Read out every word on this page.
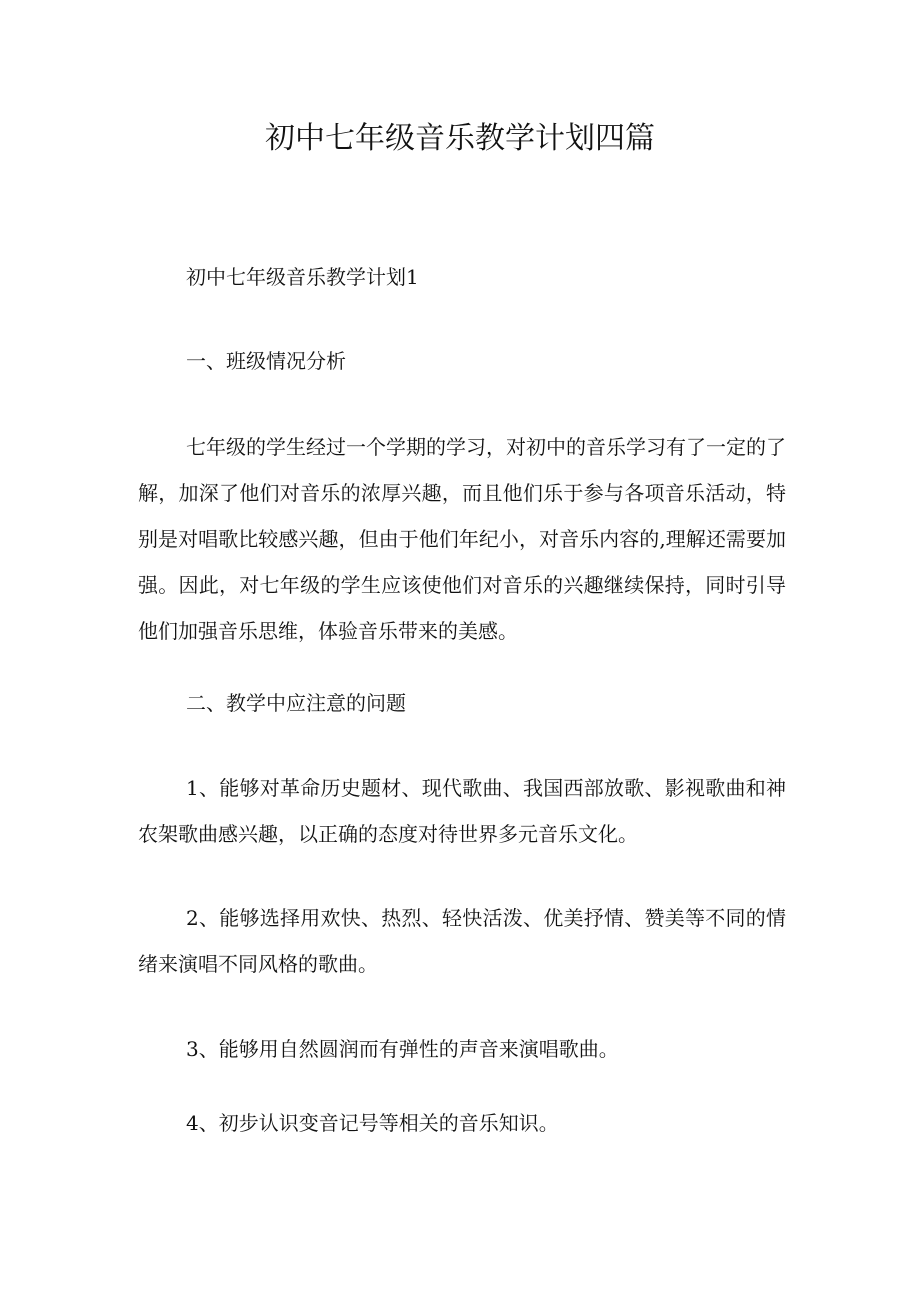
初中七年级音乐教学计划四篇
初中七年级音乐教学计划1
一、班级情况分析
七年级的学生经过一个学期的学习，对初中的音乐学习有了一定的了解，加深了他们对音乐的浓厚兴趣，而且他们乐于参与各项音乐活动，特别是对唱歌比较感兴趣，但由于他们年纪小，对音乐内容的,理解还需要加强。因此，对七年级的学生应该使他们对音乐的兴趣继续保持，同时引导他们加强音乐思维，体验音乐带来的美感。
二、教学中应注意的问题
1、能够对革命历史题材、现代歌曲、我国西部放歌、影视歌曲和神农架歌曲感兴趣，以正确的态度对待世界多元音乐文化。
2、能够选择用欢快、热烈、轻快活泼、优美抒情、赞美等不同的情绪来演唱不同风格的歌曲。
3、能够用自然圆润而有弹性的声音来演唱歌曲。
4、初步认识变音记号等相关的音乐知识。
